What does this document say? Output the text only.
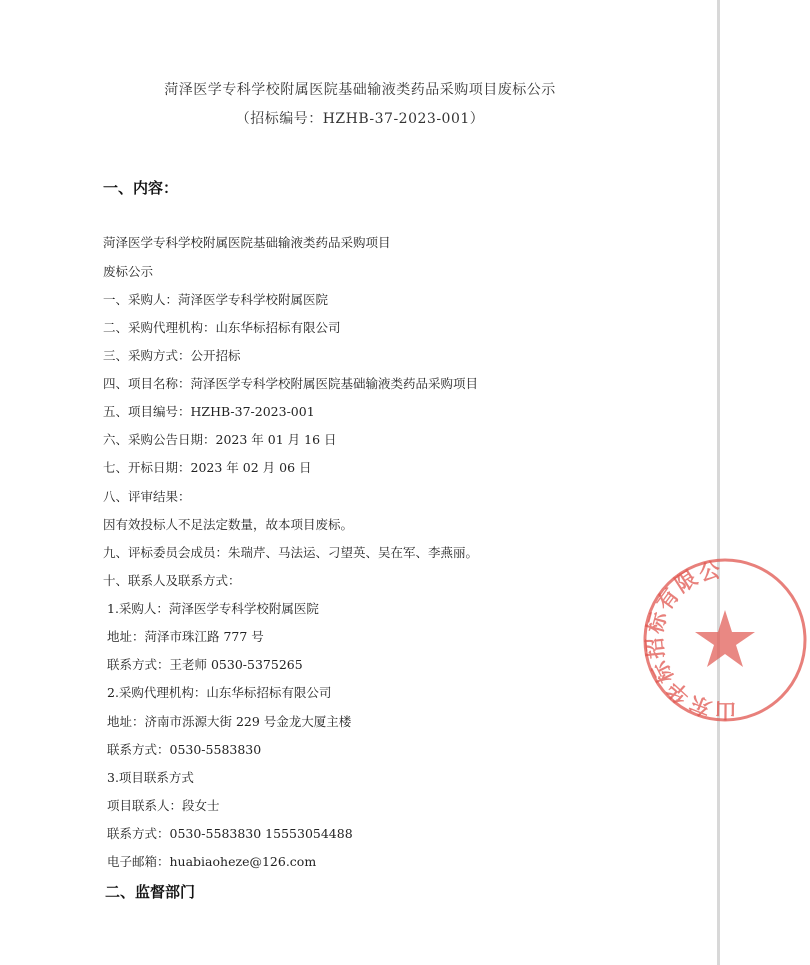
菏泽医学专科学校附属医院基础输液类药品采购项目废标公示
（招标编号：HZHB-37-2023-001）
一、内容：
菏泽医学专科学校附属医院基础输液类药品采购项目
废标公示
一、采购人：菏泽医学专科学校附属医院
二、采购代理机构：山东华标招标有限公司
三、采购方式：公开招标
四、项目名称：菏泽医学专科学校附属医院基础输液类药品采购项目
五、项目编号：HZHB-37-2023-001
六、采购公告日期：2023 年 01 月 16 日
七、开标日期：2023 年 02 月 06 日
八、评审结果：
因有效投标人不足法定数量，故本项目废标。
九、评标委员会成员：朱瑞芹、马法运、刁望英、吴在军、李燕丽。
十、联系人及联系方式：
1.采购人：菏泽医学专科学校附属医院
地址：菏泽市珠江路 777 号
联系方式：王老师 0530-5375265
2.采购代理机构：山东华标招标有限公司
地址：济南市泺源大街 229 号金龙大厦主楼
联系方式：0530-5583830
3.项目联系方式
项目联系人：段女士
联系方式：0530-5583830 15553054488
电子邮箱：huabiaoheze@126.com
二、监督部门
山东华标招标有限公司
